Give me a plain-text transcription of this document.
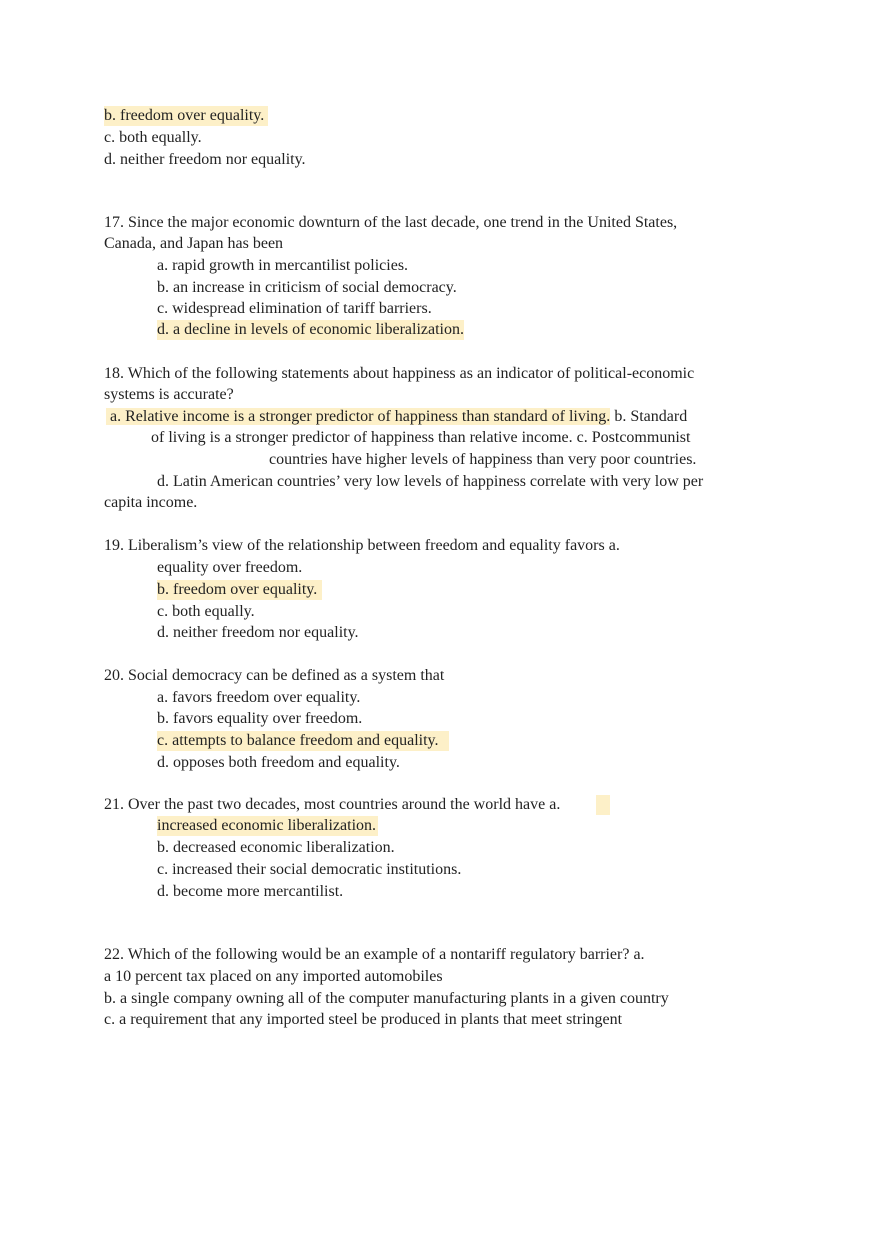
b. freedom over equality.
c. both equally.
d. neither freedom nor equality.
17. Since the major economic downturn of the last decade, one trend in the United States,
Canada, and Japan has been
a. rapid growth in mercantilist policies.
b. an increase in criticism of social democracy.
c. widespread elimination of tariff barriers.
d. a decline in levels of economic liberalization.
18. Which of the following statements about happiness as an indicator of political-economic
systems is accurate?
a. Relative income is a stronger predictor of happiness than standard of living. b. Standard
of living is a stronger predictor of happiness than relative income. c. Postcommunist
countries have higher levels of happiness than very poor countries.
d. Latin American countries’ very low levels of happiness correlate with very low per
capita income.
19. Liberalism’s view of the relationship between freedom and equality favors a.
equality over freedom.
b. freedom over equality.
c. both equally.
d. neither freedom nor equality.
20. Social democracy can be defined as a system that
a. favors freedom over equality.
b. favors equality over freedom.
c. attempts to balance freedom and equality.
d. opposes both freedom and equality.
21. Over the past two decades, most countries around the world have a.
increased economic liberalization.
b. decreased economic liberalization.
c. increased their social democratic institutions.
d. become more mercantilist.
22. Which of the following would be an example of a nontariff regulatory barrier? a.
a 10 percent tax placed on any imported automobiles
b. a single company owning all of the computer manufacturing plants in a given country
c. a requirement that any imported steel be produced in plants that meet stringent
